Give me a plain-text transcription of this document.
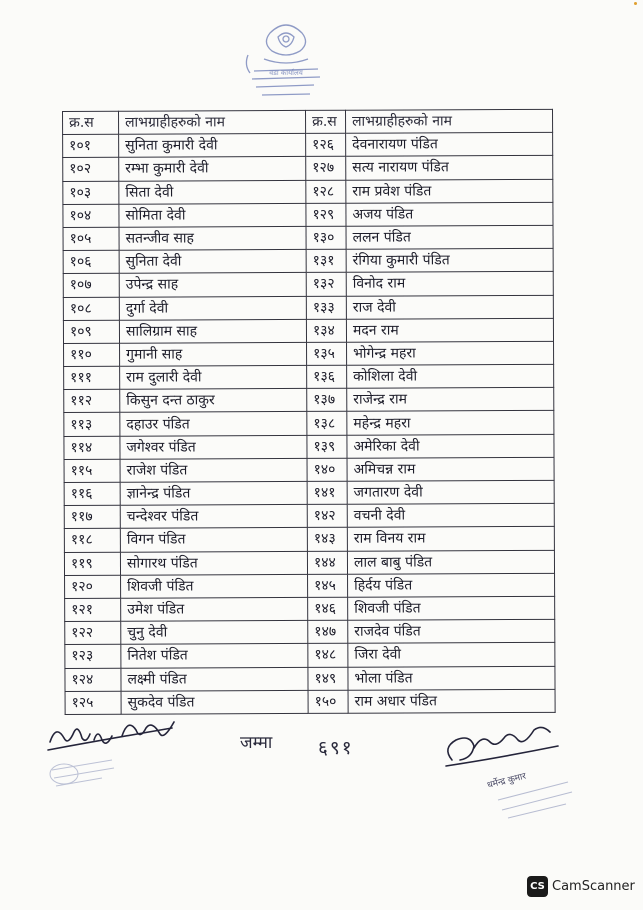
वडा कार्यालय
क्र.स	लाभग्राहीहरुको नाम	क्र.स	लाभग्राहीहरुको नाम
१०१	सुनिता कुमारी देवी	१२६	देवनारायण पंडित
१०२	रम्भा कुमारी देवी	१२७	सत्य नारायण पंडित
१०३	सिता देवी	१२८	राम प्रवेश पंडित
१०४	सोमिता देवी	१२९	अजय पंडित
१०५	सतन्जीव साह	१३०	ललन पंडित
१०६	सुनिता देवी	१३१	रंगिया कुमारी पंडित
१०७	उपेन्द्र साह	१३२	विनोद राम
१०८	दुर्गा देवी	१३३	राज देवी
१०९	सालिग्राम साह	१३४	मदन राम
११०	गुमानी साह	१३५	भोगेन्द्र महरा
१११	राम दुलारी देवी	१३६	कोशिला देवी
११२	किसुन दन्त ठाकुर	१३७	राजेन्द्र राम
११३	दहाउर पंडित	१३८	महेन्द्र महरा
११४	जगेश्वर पंडित	१३९	अमेरिका देवी
११५	राजेश पंडित	१४०	अमिचन्न राम
११६	ज्ञानेन्द्र पंडित	१४१	जगतारण देवी
११७	चन्देश्वर पंडित	१४२	वचनी देवी
११८	विगन पंडित	१४३	राम विनय राम
११९	सोगारथ पंडित	१४४	लाल बाबु पंडित
१२०	शिवजी पंडित	१४५	हिर्दय पंडित
१२१	उमेश पंडित	१४६	शिवजी पंडित
१२२	चुनु देवी	१४७	राजदेव पंडित
१२३	नितेश पंडित	१४८	जिरा देवी
१२४	लक्ष्मी पंडित	१४९	भोला पंडित
१२५	सुकदेव पंडित	१५०	राम अधार पंडित
जम्मा ६९१
धर्मेन्द्र कुमार
CS CamScanner
